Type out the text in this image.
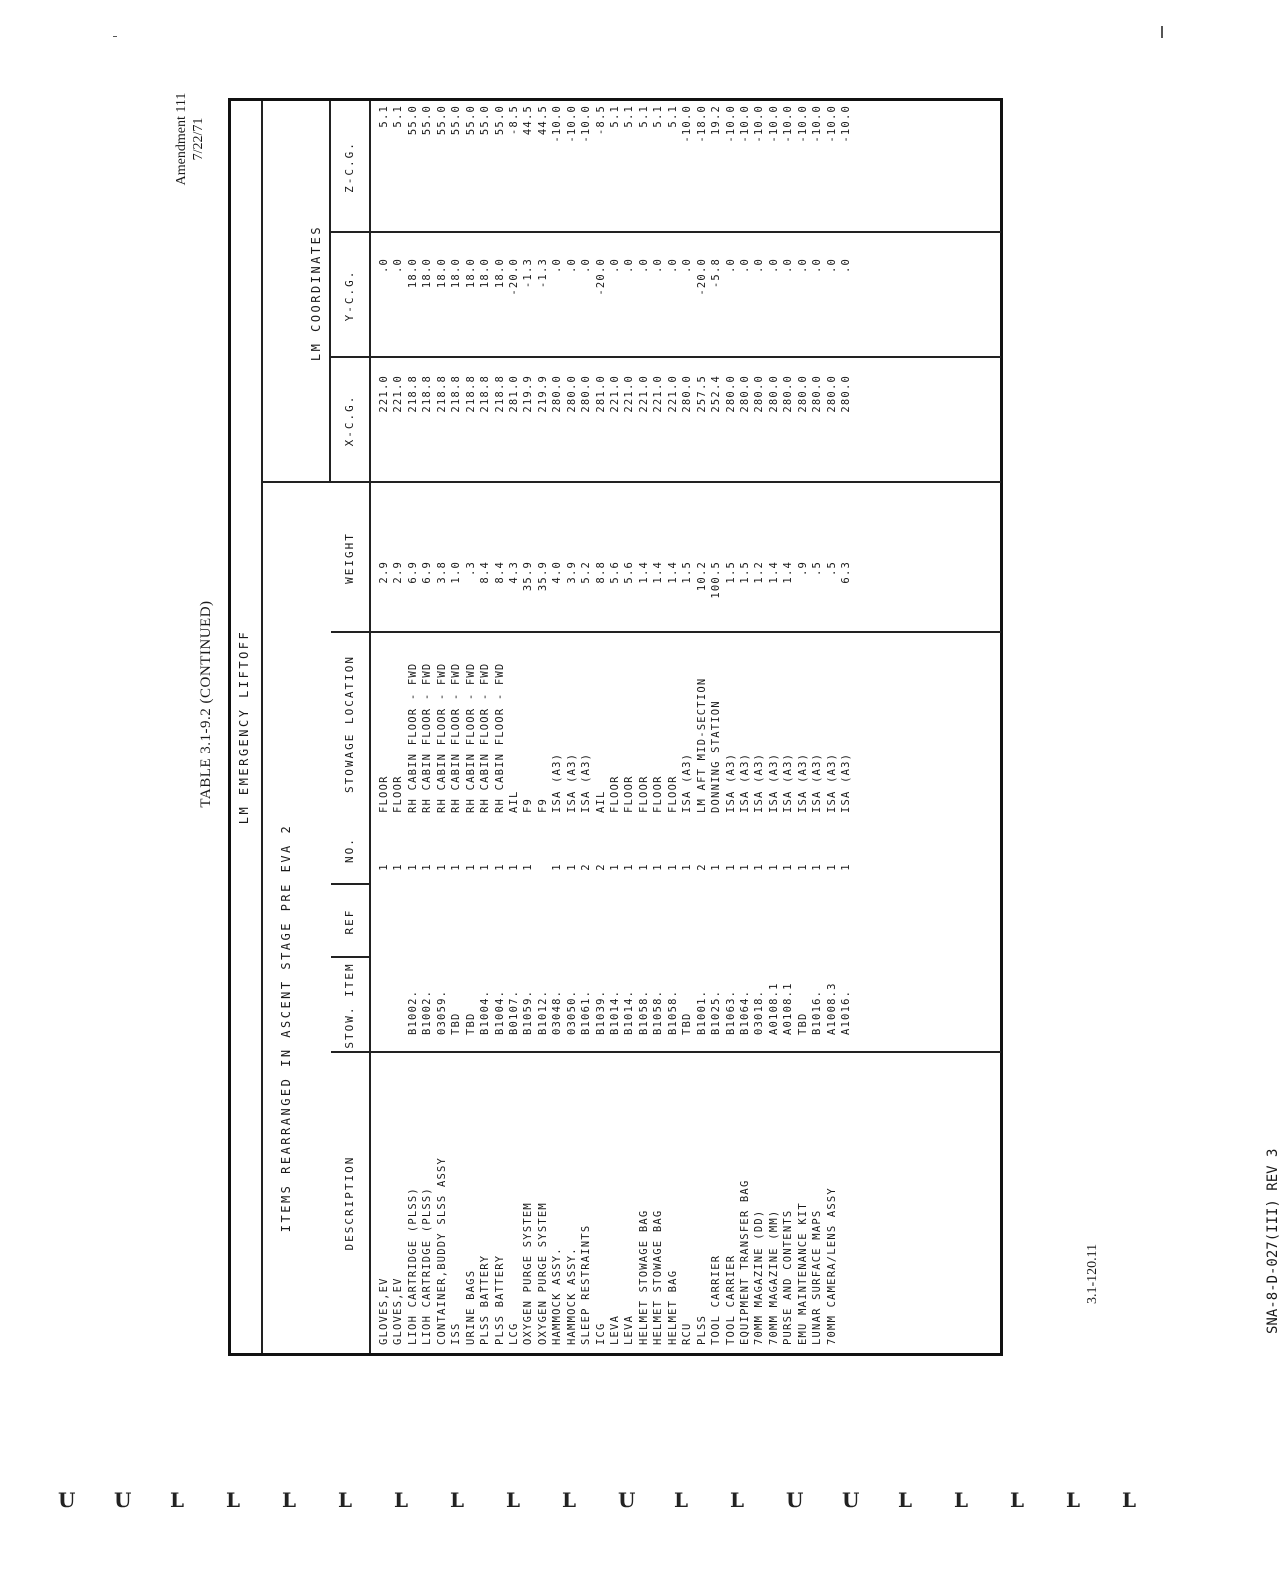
TABLE 3.1-9.2 (CONTINUED)
Amendment 111 7/22/71
LM EMERGENCY LIFTOFF
ITEMS REARRANGED IN ASCENT STAGE PRE EVA 2
LM COORDINATES
DESCRIPTION
STOW. ITEM
REF
NO.
STOWAGE LOCATION
WEIGHT
X-C.G.
Y-C.G.
Z-C.G.
GLOVES,EV GLOVES,EV LIOH CARTRIDGE (PLSS) LIOH CARTRIDGE (PLSS) CONTAINER,BUDDY SLSS ASSY ISS URINE BAGS PLSS BATTERY PLSS BATTERY LCG OXYGEN PURGE SYSTEM OXYGEN PURGE SYSTEM HAMMOCK ASSY. HAMMOCK ASSY. SLEEP RESTRAINTS ICG LEVA LEVA HELMET STOWAGE BAG HELMET STOWAGE BAG HELMET BAG RCU PLSS TOOL CARRIER TOOL CARRIER EQUIPMENT TRANSFER BAG 70MM MAGAZINE (DD) 70MM MAGAZINE (MM) PURSE AND CONTENTS EMU MAINTENANCE KIT LUNAR SURFACE MAPS 70MM CAMERA/LENS ASSY
B1002. B1002. 03059. TBD TBD B1004. B1004. B0107. B1059. B1012. 03048. 03050. B1061. B1039. B1014. B1014. B1058. B1058. B1058. TBD B1001. B1025. B1063. B1064. 03018. A0108.1 A0108.1 TBD B1016. A1008.3 A1016.
1 1 1 1 1 1 1 1 1 1 1 1 1 2 2 1 1 1 1 1 1 2 1 1 1 1 1 1 1 1 1 1
FLOOR FLOOR RH CABIN FLOOR - FWD RH CABIN FLOOR - FWD RH CABIN FLOOR - FWD RH CABIN FLOOR - FWD RH CABIN FLOOR - FWD RH CABIN FLOOR - FWD RH CABIN FLOOR - FWD AIL F9 F9 ISA (A3) ISA (A3) ISA (A3) AIL FLOOR FLOOR FLOOR FLOOR FLOOR ISA (A3) LM AFT MID-SECTION DONNING STATION ISA (A3) ISA (A3) ISA (A3) ISA (A3) ISA (A3) ISA (A3) ISA (A3) ISA (A3) ISA (A3)
2.9 2.9 6.9 6.9 3.8 1.0 .3 8.4 8.4 4.3 35.9 35.9 4.0 3.9 5.2 8.8 5.6 5.6 1.4 1.4 1.4 1.5 10.2 100.5 1.5 1.5 1.2 1.4 1.4 .9 .5 .5 6.3
221.0 221.0 218.8 218.8 218.8 218.8 218.8 218.8 218.8 281.0 219.9 219.9 280.0 280.0 280.0 281.0 221.0 221.0 221.0 221.0 221.0 280.0 257.5 252.4 280.0 280.0 280.0 280.0 280.0 280.0 280.0 280.0 280.0
.0 .0 18.0 18.0 18.0 18.0 18.0 18.0 18.0 -20.0 -1.3 -1.3 .0 .0 .0 -20.0 .0 .0 .0 .0 .0 .0 -20.0 -5.8 .0 .0 .0 .0 .0 .0 .0 .0 .0
5.1 5.1 55.0 55.0 55.0 55.0 55.0 55.0 55.0 -8.5 44.5 44.5 -10.0 -10.0 -10.0 -8.5 5.1 5.1 5.1 5.1 5.1 -10.0 -18.0 19.2 -10.0 -10.0 -10.0 -10.0 -10.0 -10.0 -10.0 -10.0 -10.0
3.1-120.11	SNA-8-D-027(III) REV 3
U U L L L L L L L L U L L U U L L L L L
